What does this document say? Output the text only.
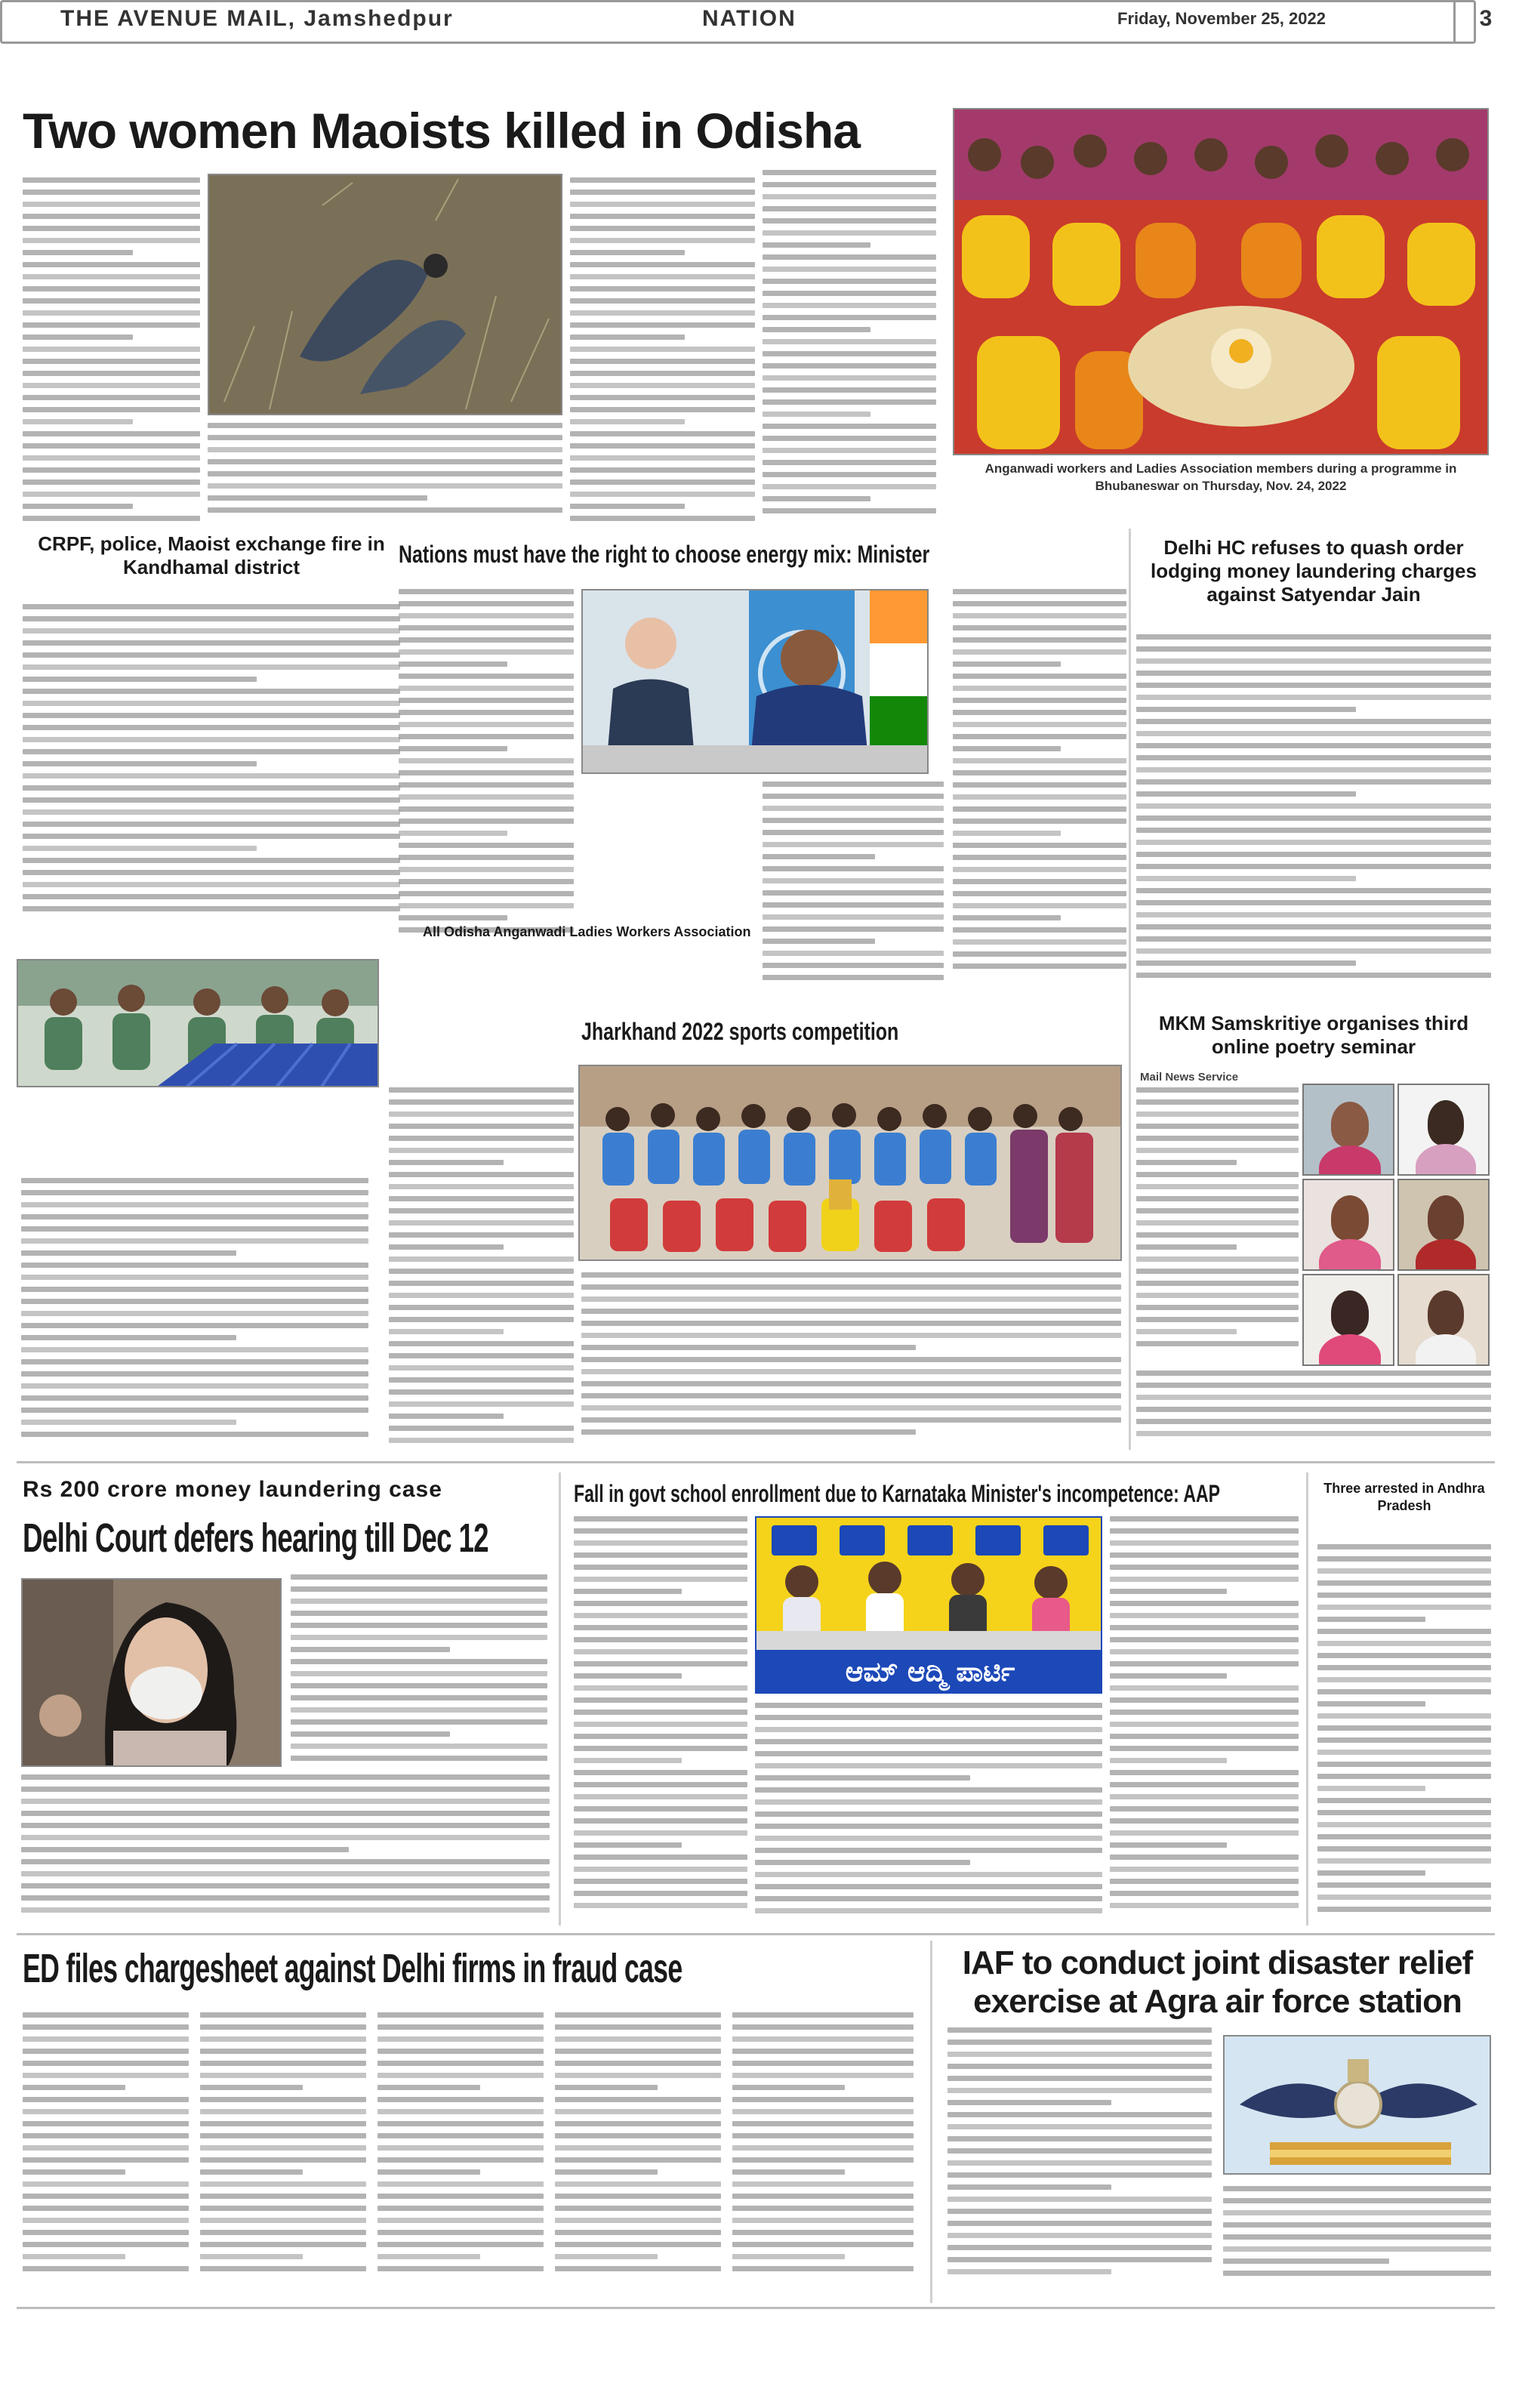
THE AVENUE MAIL, Jamshedpur	NATION	Friday, November 25, 2022	3
Two women Maoists killed in Odisha
CRPF, police, Maoist exchange fire in Kandhamal district
Anganwadi workers and Ladies Association members during a programme in Bhubaneswar on Thursday, Nov. 24, 2022
Nations must have the right to choose energy mix: Minister	Delhi HC refuses to quash order lodging money laundering charges against Satyendar Jain
All Odisha Anganwadi Ladies Workers Association
Jharkhand 2022 sports competition	MKM Samskritiye organises third online poetry seminar
Mail News Service
Rs 200 crore money laundering case
Delhi Court defers hearing till Dec 12
Fall in govt school enrollment due to Karnataka Minister's incompetence: AAP
ಆಮ್ ಆದ್ಮಿ ಪಾರ್ಟಿ
Three arrested in Andhra Pradesh
ED files chargesheet against Delhi firms in fraud case	IAF to conduct joint disaster relief exercise at Agra air force station
